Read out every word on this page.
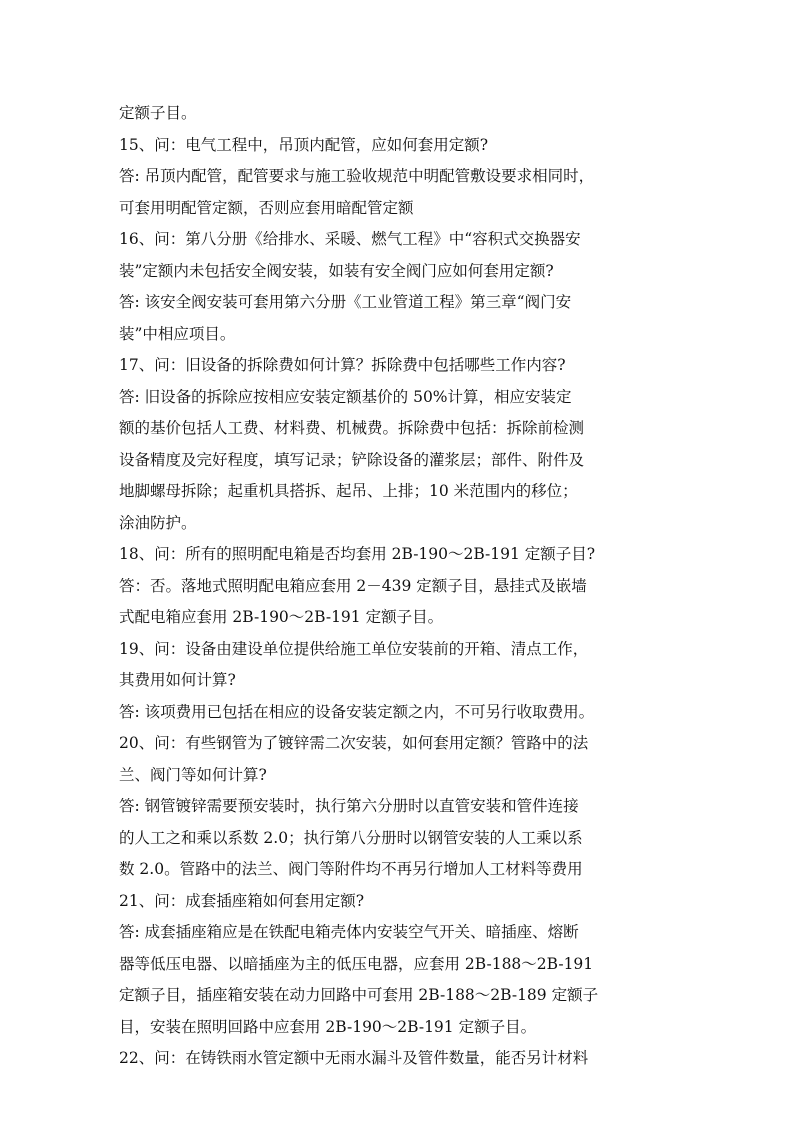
定额子目。
15、问：电气工程中，吊顶内配管，应如何套用定额?
答: 吊顶内配管，配管要求与施工验收规范中明配管敷设要求相同时，
可套用明配管定额，否则应套用暗配管定额
16、问：第八分册《给排水、采暖、燃气工程》中“容积式交换器安
装”定额内未包括安全阀安装，如装有安全阀门应如何套用定额?
答: 该安全阀安装可套用第六分册《工业管道工程》第三章“阀门安
装”中相应项目。
17、问：旧设备的拆除费如何计算？拆除费中包括哪些工作内容?
答: 旧设备的拆除应按相应安装定额基价的 50%计算，相应安装定
额的基价包括人工费、材料费、机械费。拆除费中包括：拆除前检测
设备精度及完好程度，填写记录；铲除设备的灌浆层；部件、附件及
地脚螺母拆除；起重机具搭拆、起吊、上排；10 米范围内的移位；
涂油防护。
18、问：所有的照明配电箱是否均套用 2B-190～2B-191 定额子目?
答：否。落地式照明配电箱应套用 2－439 定额子目，悬挂式及嵌墙
式配电箱应套用 2B-190～2B-191 定额子目。
19、问：设备由建设单位提供给施工单位安装前的开箱、清点工作，
其费用如何计算?
答: 该项费用已包括在相应的设备安装定额之内，不可另行收取费用。
20、问：有些钢管为了镀锌需二次安装，如何套用定额？管路中的法
兰、阀门等如何计算?
答: 钢管镀锌需要预安装时，执行第六分册时以直管安装和管件连接
的人工之和乘以系数 2.0；执行第八分册时以钢管安装的人工乘以系
数 2.0。管路中的法兰、阀门等附件均不再另行增加人工材料等费用
21、问：成套插座箱如何套用定额?
答: 成套插座箱应是在铁配电箱壳体内安装空气开关、暗插座、熔断
器等低压电器、以暗插座为主的低压电器，应套用 2B-188～2B-191
定额子目，插座箱安装在动力回路中可套用 2B-188～2B-189 定额子
目，安装在照明回路中应套用 2B-190～2B-191 定额子目。
22、问：在铸铁雨水管定额中无雨水漏斗及管件数量，能否另计材料
